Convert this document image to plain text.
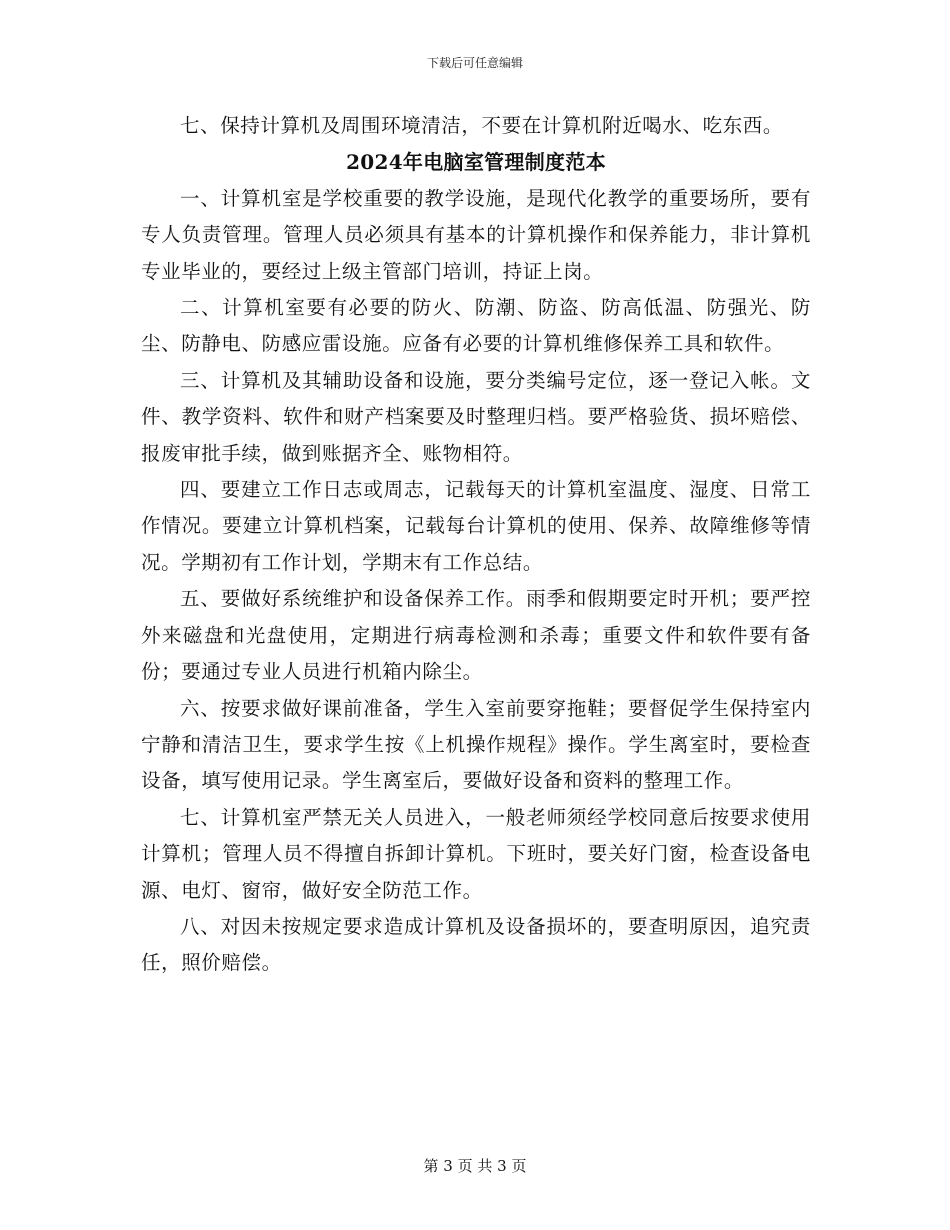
下载后可任意编辑

七、保持计算机及周围环境清洁，不要在计算机附近喝水、吃东西。

2024年电脑室管理制度范本

一、计算机室是学校重要的教学设施，是现代化教学的重要场所，要有专人负责管理。管理人员必须具有基本的计算机操作和保养能力，非计算机专业毕业的，要经过上级主管部门培训，持证上岗。

二、计算机室要有必要的防火、防潮、防盗、防高低温、防强光、防尘、防静电、防感应雷设施。应备有必要的计算机维修保养工具和软件。

三、计算机及其辅助设备和设施，要分类编号定位，逐一登记入帐。文件、教学资料、软件和财产档案要及时整理归档。要严格验货、损坏赔偿、报废审批手续，做到账据齐全、账物相符。

四、要建立工作日志或周志，记载每天的计算机室温度、湿度、日常工作情况。要建立计算机档案，记载每台计算机的使用、保养、故障维修等情况。学期初有工作计划，学期末有工作总结。

五、要做好系统维护和设备保养工作。雨季和假期要定时开机；要严控外来磁盘和光盘使用，定期进行病毒检测和杀毒；重要文件和软件要有备份；要通过专业人员进行机箱内除尘。

六、按要求做好课前准备，学生入室前要穿拖鞋；要督促学生保持室内宁静和清洁卫生，要求学生按《上机操作规程》操作。学生离室时，要检查设备，填写使用记录。学生离室后，要做好设备和资料的整理工作。

七、计算机室严禁无关人员进入，一般老师须经学校同意后按要求使用计算机；管理人员不得擅自拆卸计算机。下班时，要关好门窗，检查设备电源、电灯、窗帘，做好安全防范工作。

八、对因未按规定要求造成计算机及设备损坏的，要查明原因，追究责任，照价赔偿。

第 3 页 共 3 页
